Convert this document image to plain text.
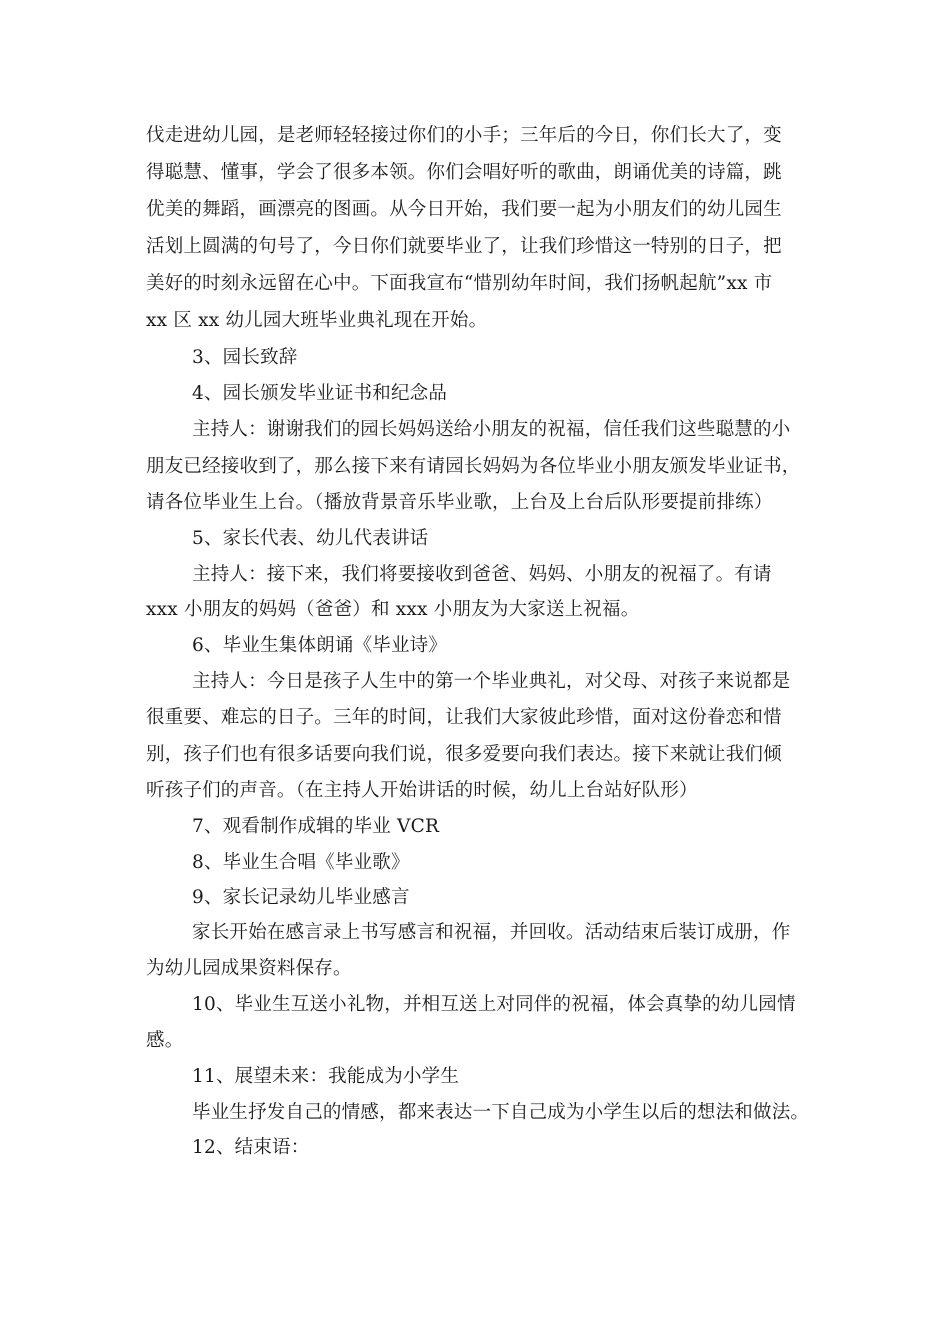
伐走进幼儿园，是老师轻轻接过你们的小手；三年后的今日，你们长大了，变
得聪慧、懂事，学会了很多本领。你们会唱好听的歌曲，朗诵优美的诗篇，跳
优美的舞蹈，画漂亮的图画。从今日开始，我们要一起为小朋友们的幼儿园生
活划上圆满的句号了，今日你们就要毕业了，让我们珍惜这一特别的日子，把
美好的时刻永远留在心中。下面我宣布“惜别幼年时间，我们扬帆起航”xx 市
xx 区 xx 幼儿园大班毕业典礼现在开始。
3、园长致辞
4、园长颁发毕业证书和纪念品
主持人：谢谢我们的园长妈妈送给小朋友的祝福，信任我们这些聪慧的小
朋友已经接收到了，那么接下来有请园长妈妈为各位毕业小朋友颁发毕业证书，
请各位毕业生上台。（播放背景音乐毕业歌，上台及上台后队形要提前排练）
5、家长代表、幼儿代表讲话
主持人：接下来，我们将要接收到爸爸、妈妈、小朋友的祝福了。有请
xxx 小朋友的妈妈（爸爸）和 xxx 小朋友为大家送上祝福。
6、毕业生集体朗诵《毕业诗》
主持人：今日是孩子人生中的第一个毕业典礼，对父母、对孩子来说都是
很重要、难忘的日子。三年的时间，让我们大家彼此珍惜，面对这份眷恋和惜
别，孩子们也有很多话要向我们说，很多爱要向我们表达。接下来就让我们倾
听孩子们的声音。（在主持人开始讲话的时候，幼儿上台站好队形）
7、观看制作成辑的毕业 VCR
8、毕业生合唱《毕业歌》
9、家长记录幼儿毕业感言
家长开始在感言录上书写感言和祝福，并回收。活动结束后装订成册，作
为幼儿园成果资料保存。
10、毕业生互送小礼物，并相互送上对同伴的祝福，体会真挚的幼儿园情
感。
11、展望未来：我能成为小学生
毕业生抒发自己的情感，都来表达一下自己成为小学生以后的想法和做法。
12、结束语：
